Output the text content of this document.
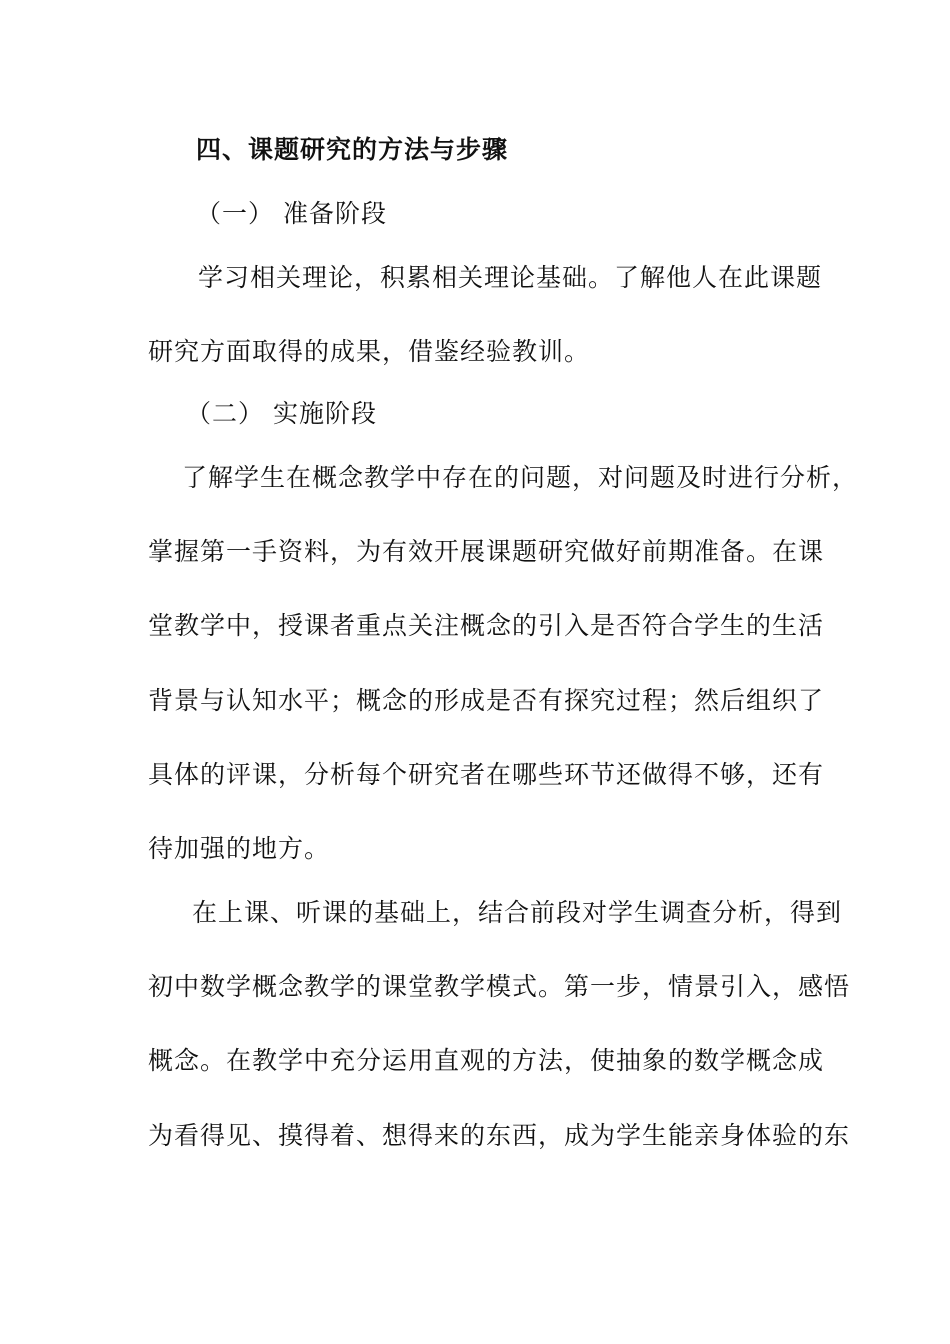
四、课题研究的方法与步骤
（一） 准备阶段
学习相关理论，积累相关理论基础。了解他人在此课题
研究方面取得的成果，借鉴经验教训。
（二） 实施阶段
了解学生在概念教学中存在的问题，对问题及时进行分析，
掌握第一手资料，为有效开展课题研究做好前期准备。在课
堂教学中，授课者重点关注概念的引入是否符合学生的生活
背景与认知水平；概念的形成是否有探究过程；然后组织了
具体的评课，分析每个研究者在哪些环节还做得不够，还有
待加强的地方。
在上课、听课的基础上，结合前段对学生调查分析，得到
初中数学概念教学的课堂教学模式。第一步，情景引入，感悟
概念。在教学中充分运用直观的方法，使抽象的数学概念成
为看得见、摸得着、想得来的东西，成为学生能亲身体验的东
